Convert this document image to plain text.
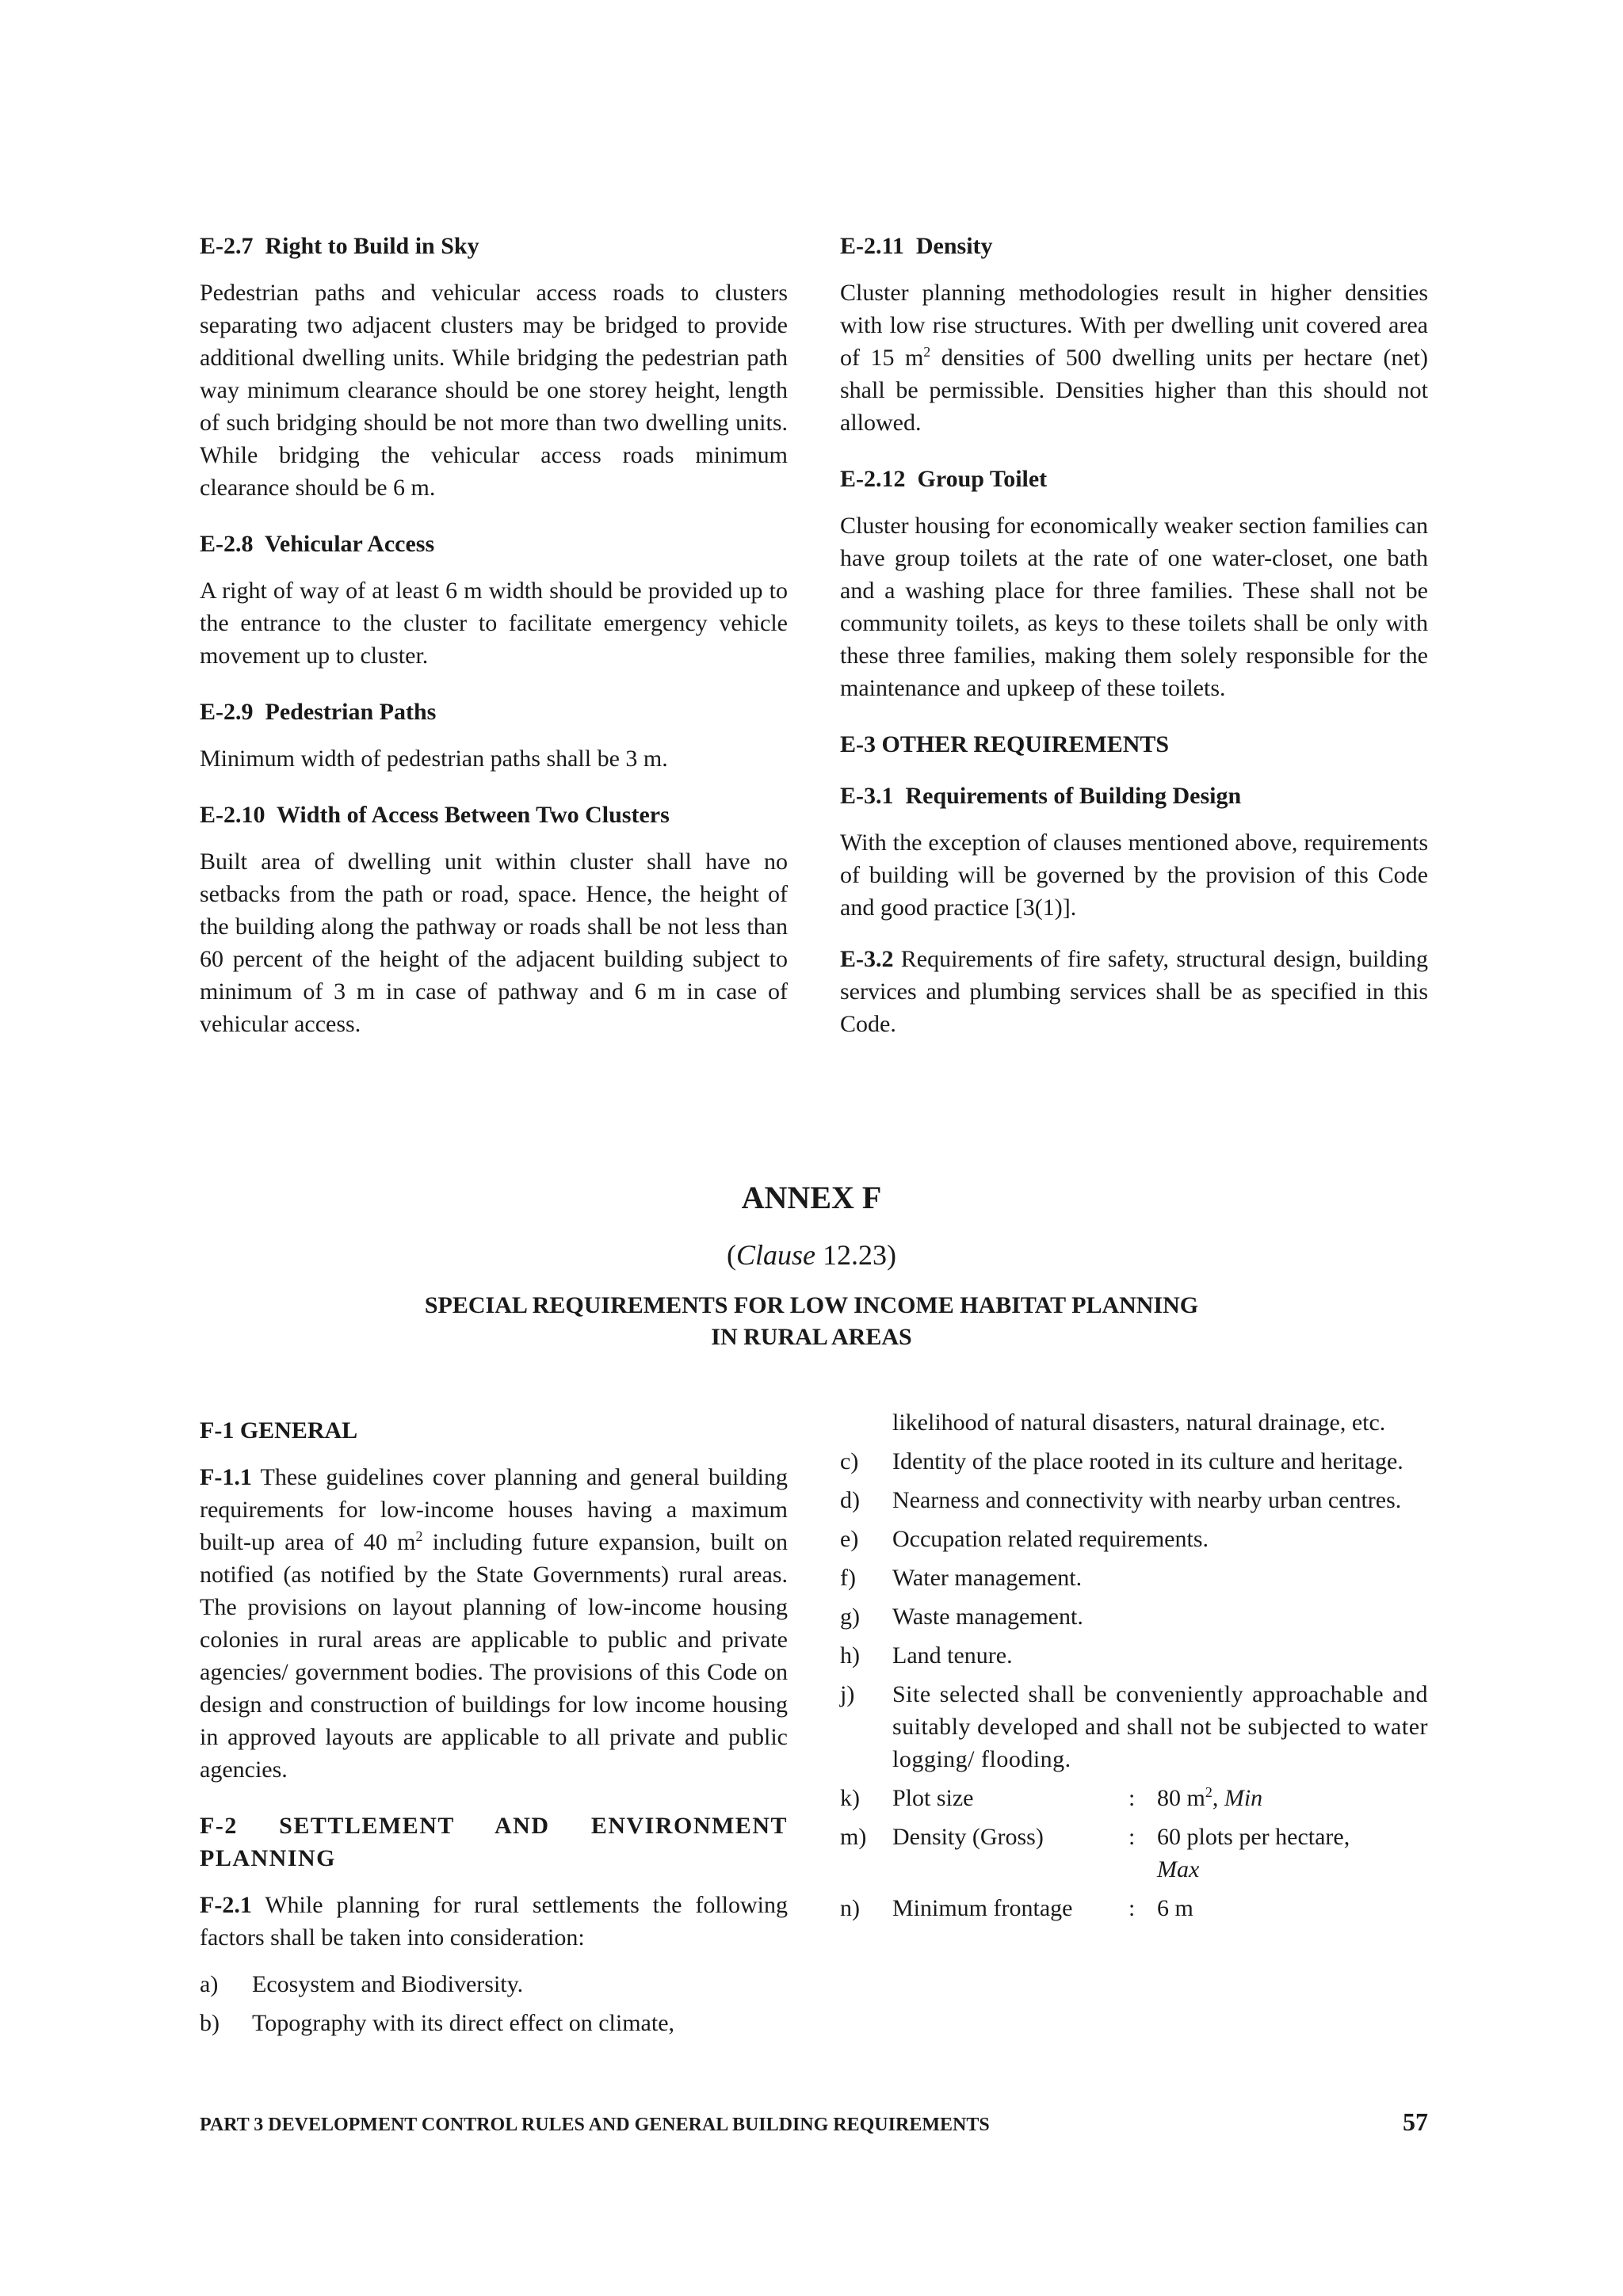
E-2.7 Right to Build in Sky

Pedestrian paths and vehicular access roads to clusters separating two adjacent clusters may be bridged to provide additional dwelling units. While bridging the pedestrian path way minimum clearance should be one storey height, length of such bridging should be not more than two dwelling units. While bridging the vehicular access roads minimum clearance should be 6 m.

E-2.8 Vehicular Access

A right of way of at least 6 m width should be provided up to the entrance to the cluster to facilitate emergency vehicle movement up to cluster.

E-2.9 Pedestrian Paths

Minimum width of pedestrian paths shall be 3 m.

E-2.10 Width of Access Between Two Clusters

Built area of dwelling unit within cluster shall have no setbacks from the path or road, space. Hence, the height of the building along the pathway or roads shall be not less than 60 percent of the height of the adjacent building subject to minimum of 3 m in case of pathway and 6 m in case of vehicular access.

E-2.11 Density

Cluster planning methodologies result in higher densities with low rise structures. With per dwelling unit covered area of 15 $m^2$ densities of 500 dwelling units per hectare (net) shall be permissible. Densities higher than this should not allowed.

E-2.12 Group Toilet

Cluster housing for economically weaker section families can have group toilets at the rate of one water-closet, one bath and a washing place for three families. These shall not be community toilets, as keys to these toilets shall be only with these three families, making them solely responsible for the maintenance and upkeep of these toilets.

E-3 OTHER REQUIREMENTS

E-3.1 Requirements of Building Design

With the exception of clauses mentioned above, requirements of building will be governed by the provision of this Code and good practice [3(1)].

E-3.2 Requirements of fire safety, structural design, building services and plumbing services shall be as specified in this Code.

ANNEX F
(Clause 12.23)
SPECIAL REQUIREMENTS FOR LOW INCOME HABITAT PLANNING
IN RURAL AREAS

F-1 GENERAL

F-1.1 These guidelines cover planning and general building requirements for low-income houses having a maximum built-up area of 40 $m^2$ including future expansion, built on notified (as notified by the State Governments) rural areas. The provisions on layout planning of low-income housing colonies in rural areas are applicable to public and private agencies/ government bodies. The provisions of this Code on design and construction of buildings for low income housing in approved layouts are applicable to all private and public agencies.

F-2 SETTLEMENT AND ENVIRONMENT PLANNING

F-2.1 While planning for rural settlements the following factors shall be taken into consideration:

a)	Ecosystem and Biodiversity.
b)	Topography with its direct effect on climate,
likelihood of natural disasters, natural drainage, etc.
c)	Identity of the place rooted in its culture and heritage.
d)	Nearness and connectivity with nearby urban centres.
e)	Occupation related requirements.
f)	Water management.
g)	Waste management.
h)	Land tenure.
j)	Site selected shall be conveniently approachable and suitably developed and shall not be subjected to water logging/ flooding.
k)	Plot size	: 80 $m^2$, Min
m)	Density (Gross)	: 60 plots per hectare,
Max
n)	Minimum frontage	: 6 m
PART 3 DEVELOPMENT CONTROL RULES AND GENERAL BUILDING REQUIREMENTS	57
